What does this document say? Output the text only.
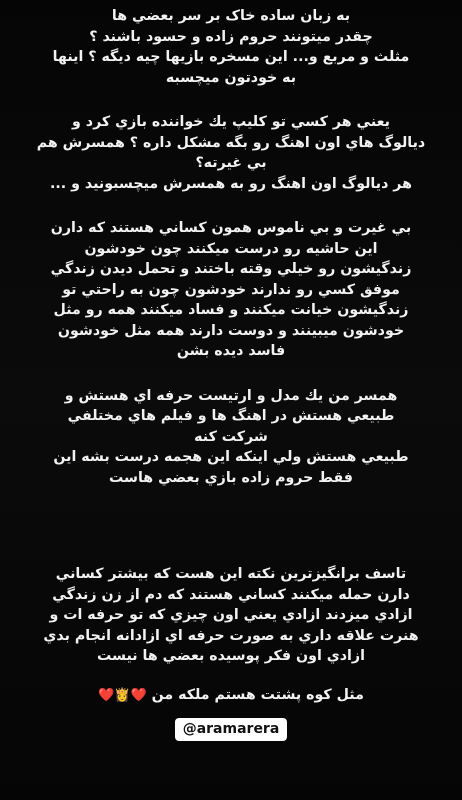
به زبان ساده خاک بر سر بعضي ها
چقدر ميتونند حروم زاده و حسود باشند ؟
مثلث و مربع و... اين مسخره بازيها چيه ديگه ؟ اينها
به خودتون ميچسبه

يعني هر کسي تو کليپ يك خواننده بازي کرد و
ديالوگ هاي اون اهنگ رو بگه مشکل داره ؟ همسرش هم
بي غيرته؟
هر ديالوگ اون اهنگ رو به همسرش ميچسبونيد و ...

بي غيرت و بي ناموس همون کساني هستند که دارن
اين حاشيه رو درست ميکنند چون خودشون
زندگيشون رو خيلي وقته باختند و تحمل ديدن زندگي
موفق کسي رو ندارند خودشون چون به راحتي تو
زندگيشون خيانت ميکنند و فساد ميکنند همه رو مثل
خودشون ميبينند و دوست دارند همه مثل خودشون
فاسد ديده بشن

همسر من يك مدل و ارتيست حرفه اي هستش و
طبيعي هستش در اهنگ ها و فيلم هاي مختلفي
شرکت کنه
طبيعي هستش ولي اينکه اين هجمه درست بشه اين
فقط حروم زاده بازي بعضي هاست

تاسف برانگيزترين نکته اين هست که بيشتر کساني
دارن حمله ميکنند کساني هستند که دم از زن زندگي
ازادي ميزدند ازادي يعني اون چيزي که تو حرفه ات و
هنرت علاقه داري به صورت حرفه اي ازادانه انجام بدي
ازادي اون فکر پوسيده بعضي ها نيست

مثل کوه پشتت هستم ملکه من ❤️👸❤️

@aramarera
